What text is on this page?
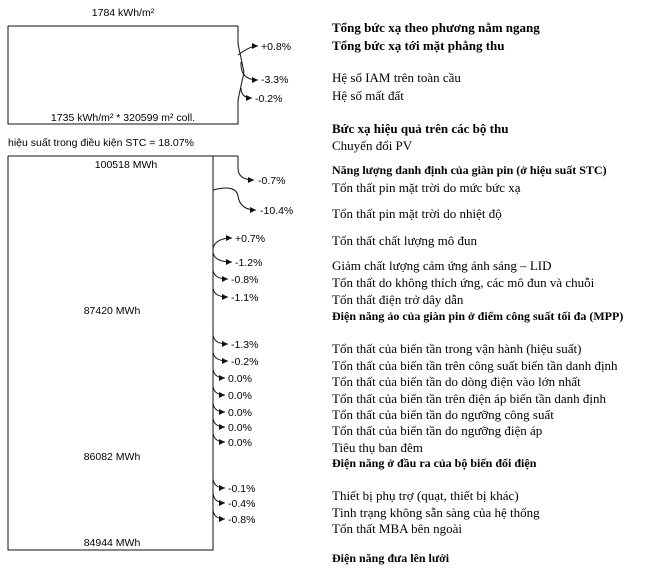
1784 kWh/m²
1735 kWh/m² * 320599 m² coll.
+0.8%
-3.3%
-0.2%
hiệu suất trong điều kiện STC = 18.07%
100518 MWh
87420 MWh
86082 MWh
84944 MWh
-0.7%
-10.4%
+0.7%
-1.2%
-0.8%
-1.1%
-1.3%
-0.2%
0.0%
0.0%
0.0%
0.0%
0.0%
-0.1%
-0.4%
-0.8%
Tổng bức xạ theo phương nằm ngang
Tổng bức xạ tới mặt phẳng thu
Hệ số IAM trên toàn cầu
Hệ số mất đất
Bức xạ hiệu quả trên các bộ thu
Chuyển đổi PV
Năng lượng danh định của giàn pin (ở hiệu suất STC)
Tổn thất pin mặt trời do mức bức xạ
Tổn thất pin mặt trời do nhiệt độ
Tổn thất chất lượng mô đun
Giảm chất lượng cảm ứng ánh sáng – LID
Tổn thất do không thích ứng, các mô đun và chuỗi
Tổn thất điện trở dây dẫn
Điện năng ảo của giàn pin ở điểm công suất tối đa (MPP)
Tổn thất của biến tần trong vận hành (hiệu suất)
Tổn thất của biến tần trên công suất biến tần danh định
Tổn thất của biến tần do dòng điện vào lớn nhất
Tổn thất của biến tần trên điện áp biến tần danh định
Tổn thất của biến tần do ngưỡng công suất
Tổn thất của biến tần do ngưỡng điện áp
Tiêu thụ ban đêm
Điện năng ở đầu ra của bộ biến đổi điện
Thiết bị phụ trợ (quạt, thiết bị khác)
Tình trạng không sẵn sàng của hệ thống
Tổn thất MBA bên ngoài
Điện năng đưa lên lưới
